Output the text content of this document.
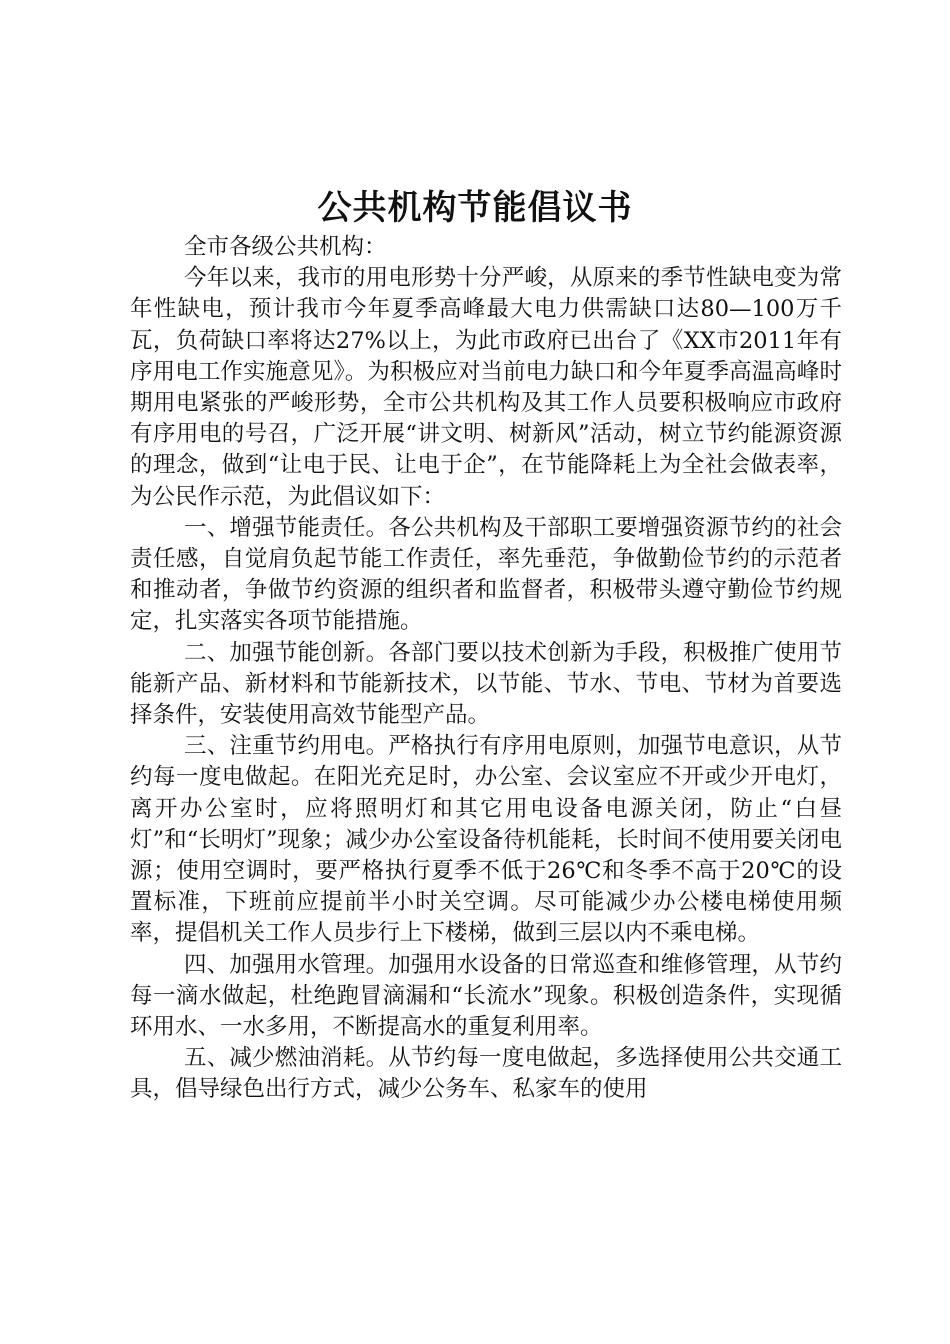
公共机构节能倡议书

全市各级公共机构：

今年以来，我市的用电形势十分严峻，从原来的季节性缺电变为常年性缺电，预计我市今年夏季高峰最大电力供需缺口达80—100万千瓦，负荷缺口率将达27%以上，为此市政府已出台了《XX市2011年有序用电工作实施意见》。为积极应对当前电力缺口和今年夏季高温高峰时期用电紧张的严峻形势，全市公共机构及其工作人员要积极响应市政府有序用电的号召，广泛开展“讲文明、树新风”活动，树立节约能源资源的理念，做到“让电于民、让电于企”，在节能降耗上为全社会做表率，为公民作示范，为此倡议如下：

一、增强节能责任。各公共机构及干部职工要增强资源节约的社会责任感，自觉肩负起节能工作责任，率先垂范，争做勤俭节约的示范者和推动者，争做节约资源的组织者和监督者，积极带头遵守勤俭节约规定，扎实落实各项节能措施。

二、加强节能创新。各部门要以技术创新为手段，积极推广使用节能新产品、新材料和节能新技术，以节能、节水、节电、节材为首要选择条件，安装使用高效节能型产品。

三、注重节约用电。严格执行有序用电原则，加强节电意识，从节约每一度电做起。在阳光充足时，办公室、会议室应不开或少开电灯，离开办公室时，应将照明灯和其它用电设备电源关闭，防止“白昼灯”和“长明灯”现象；减少办公室设备待机能耗，长时间不使用要关闭电源；使用空调时，要严格执行夏季不低于26℃和冬季不高于20℃的设置标准，下班前应提前半小时关空调。尽可能减少办公楼电梯使用频率，提倡机关工作人员步行上下楼梯，做到三层以内不乘电梯。

四、加强用水管理。加强用水设备的日常巡查和维修管理，从节约每一滴水做起，杜绝跑冒滴漏和“长流水”现象。积极创造条件，实现循环用水、一水多用，不断提高水的重复利用率。

五、减少燃油消耗。从节约每一度电做起，多选择使用公共交通工具，倡导绿色出行方式，减少公务车、私家车的使用
